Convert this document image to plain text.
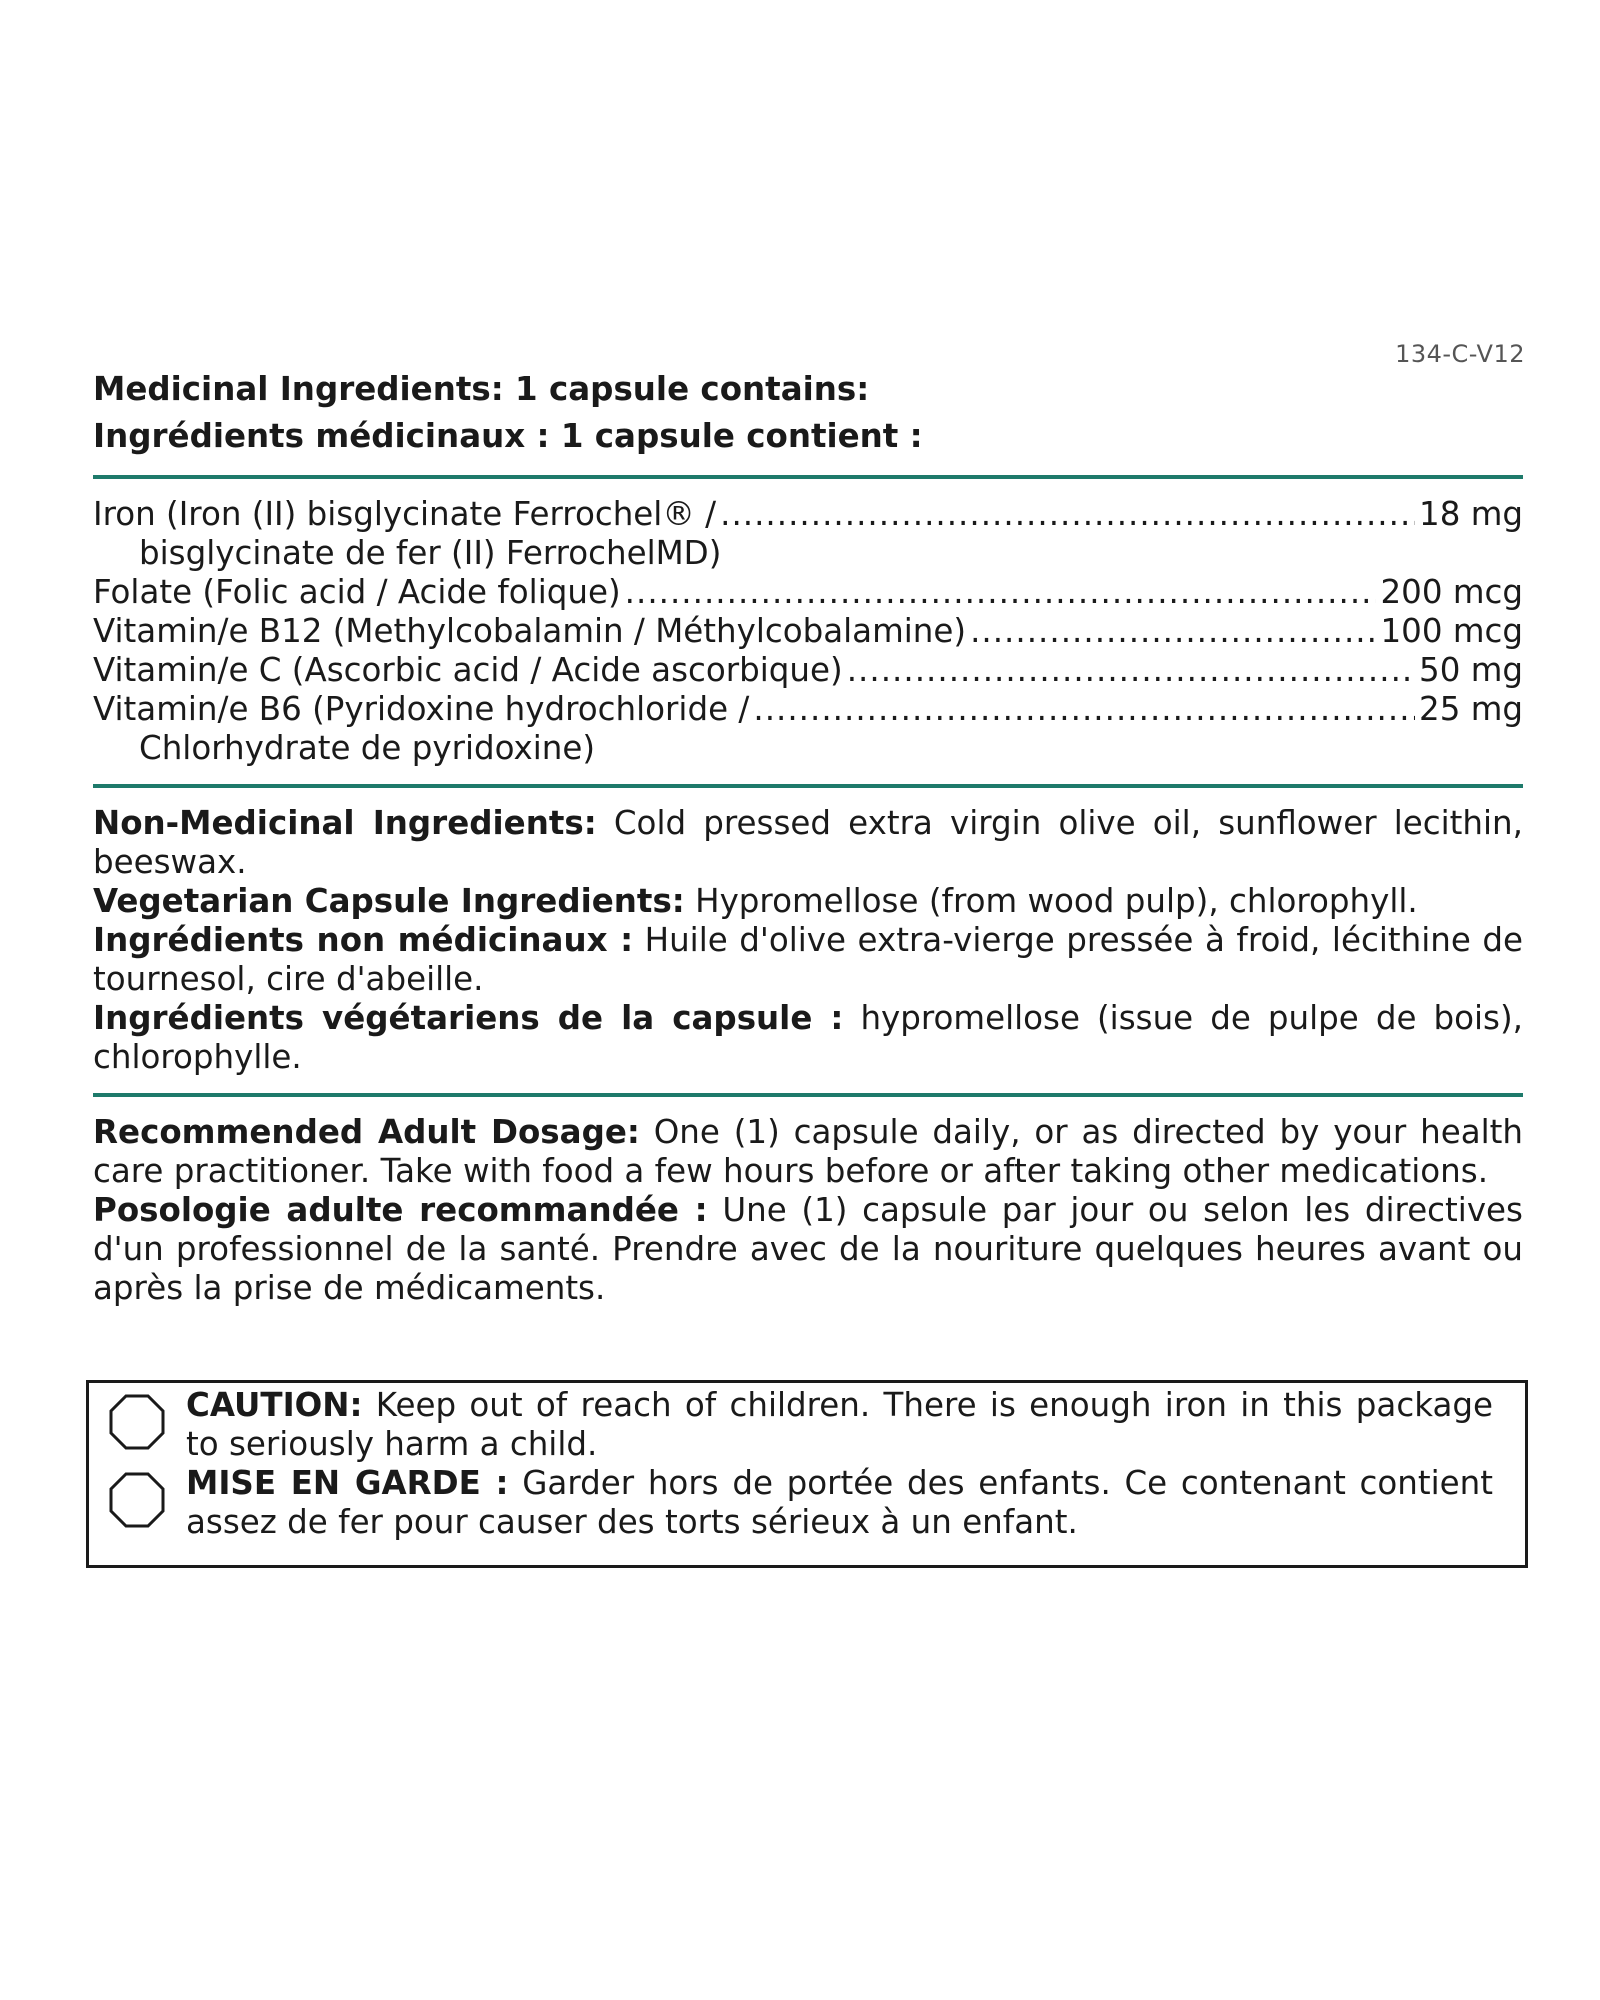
134-C-V12
Medicinal Ingredients: 1 capsule contains:
Ingrédients médicinaux : 1 capsule contient :
Iron (Iron (II) bisglycinate Ferrochel® / .....	18 mg
bisglycinate de fer (II) FerrochelMD)
Folate (Folic acid / Acide folique) .....	200 mcg
Vitamin/e B12 (Methylcobalamin / Méthylcobalamine) .....	100 mcg
Vitamin/e C (Ascorbic acid / Acide ascorbique) .....	50 mg
Vitamin/e B6 (Pyridoxine hydrochloride / .....	25 mg
Chlorhydrate de pyridoxine)
Non-Medicinal Ingredients: Cold pressed extra virgin olive oil, sunflower lecithin, beeswax.
Vegetarian Capsule Ingredients: Hypromellose (from wood pulp), chlorophyll.
Ingrédients non médicinaux : Huile d'olive extra-vierge pressée à froid, lécithine de tournesol, cire d'abeille.
Ingrédients végétariens de la capsule : hypromellose (issue de pulpe de bois), chlorophylle.
Recommended Adult Dosage: One (1) capsule daily, or as directed by your health care practitioner. Take with food a few hours before or after taking other medications.
Posologie adulte recommandée : Une (1) capsule par jour ou selon les directives d'un professionnel de la santé. Prendre avec de la nouriture quelques heures avant ou après la prise de médicaments.
CAUTION: Keep out of reach of children. There is enough iron in this package to seriously harm a child.
MISE EN GARDE : Garder hors de portée des enfants. Ce contenant contient assez de fer pour causer des torts sérieux à un enfant.
